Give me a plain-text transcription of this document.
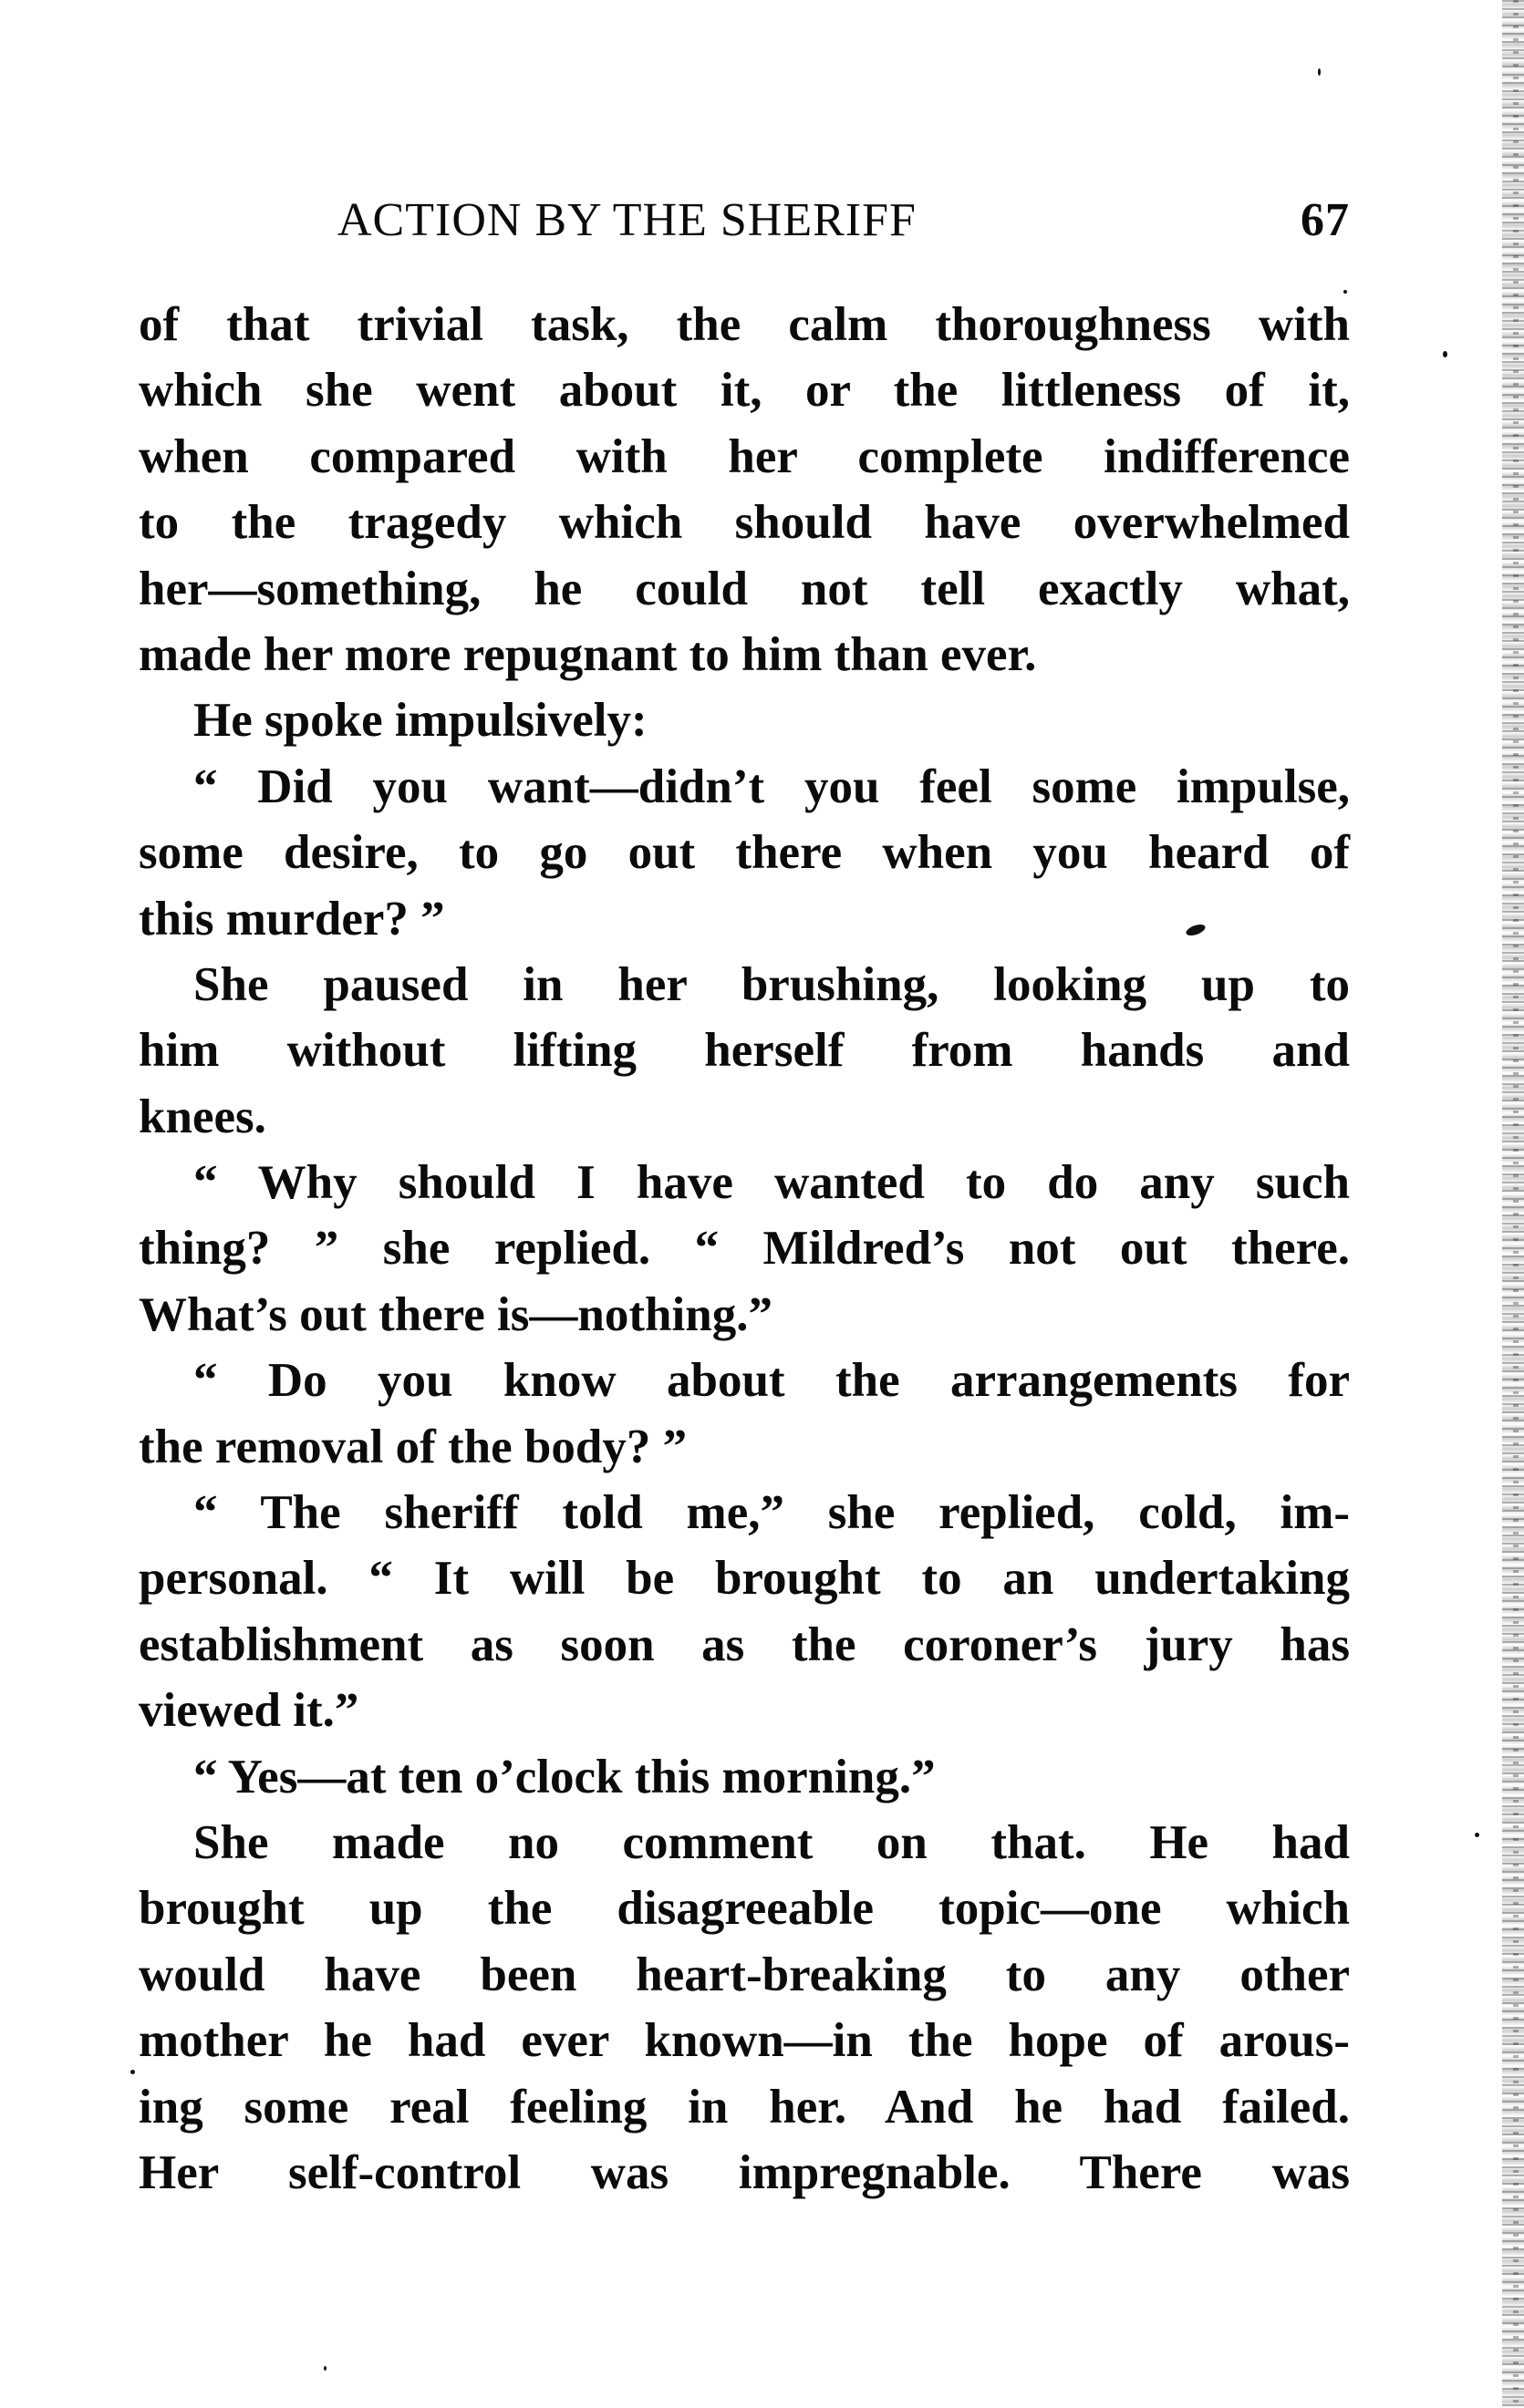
ACTION BY THE SHERIFF	67
of that trivial task, the calm thoroughness with
which she went about it, or the littleness of it,
when compared with her complete indifference
to the tragedy which should have overwhelmed
her—something, he could not tell exactly what,
made her more repugnant to him than ever.
He spoke impulsively:
“ Did you want—didn’t you feel some impulse,
some desire, to go out there when you heard of
this murder? ”
She paused in her brushing, looking up to
him without lifting herself from hands and
knees.
“ Why should I have wanted to do any such
thing? ” she replied. “ Mildred’s not out there.
What’s out there is—nothing.”
“ Do you know about the arrangements for
the removal of the body? ”
“ The sheriff told me,” she replied, cold, im-
personal. “ It will be brought to an undertaking
establishment as soon as the coroner’s jury has
viewed it.”
“ Yes—at ten o’clock this morning.”
She made no comment on that. He had
brought up the disagreeable topic—one which
would have been heart-breaking to any other
mother he had ever known—in the hope of arous-
ing some real feeling in her. And he had failed.
Her self-control was impregnable. There was
